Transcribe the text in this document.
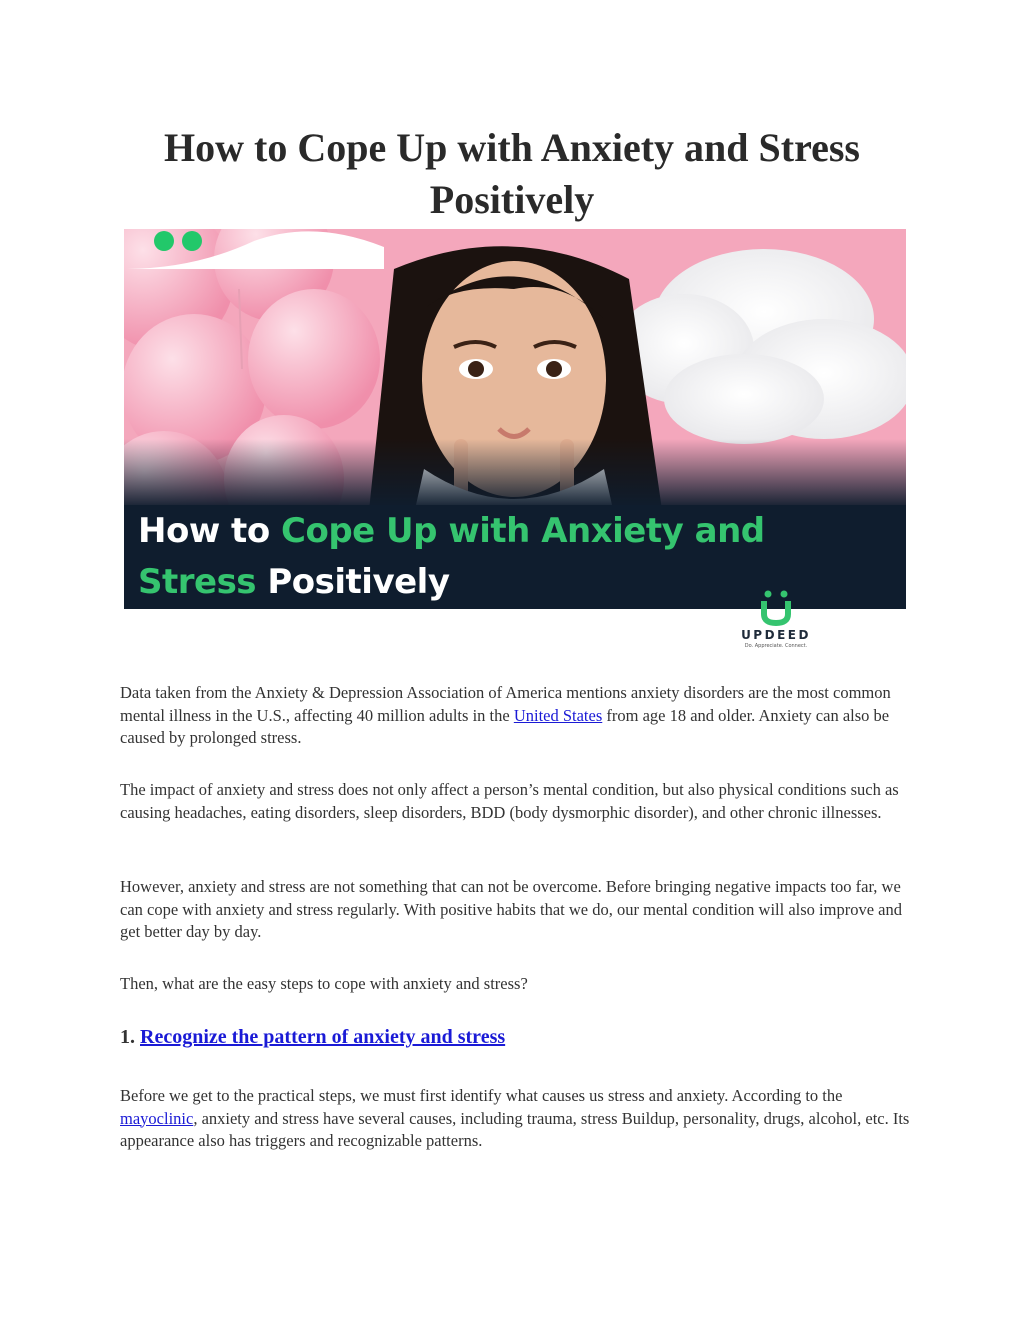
How to Cope Up with Anxiety and Stress Positively
How to Cope Up with Anxiety and
Stress Positively
UPDEED
Do. Appreciate. Connect.

Data taken from the Anxiety & Depression Association of America mentions anxiety disorders are the most common mental illness in the U.S., affecting 40 million adults in the United States from age 18 and older. Anxiety can also be caused by prolonged stress.

The impact of anxiety and stress does not only affect a person’s mental condition, but also physical conditions such as causing headaches, eating disorders, sleep disorders, BDD (body dysmorphic disorder), and other chronic illnesses.

However, anxiety and stress are not something that can not be overcome. Before bringing negative impacts too far, we can cope with anxiety and stress regularly. With positive habits that we do, our mental condition will also improve and get better day by day.

Then, what are the easy steps to cope with anxiety and stress?

1. Recognize the pattern of anxiety and stress

Before we get to the practical steps, we must first identify what causes us stress and anxiety. According to the mayoclinic, anxiety and stress have several causes, including trauma, stress Buildup, personality, drugs, alcohol, etc. Its appearance also has triggers and recognizable patterns.
